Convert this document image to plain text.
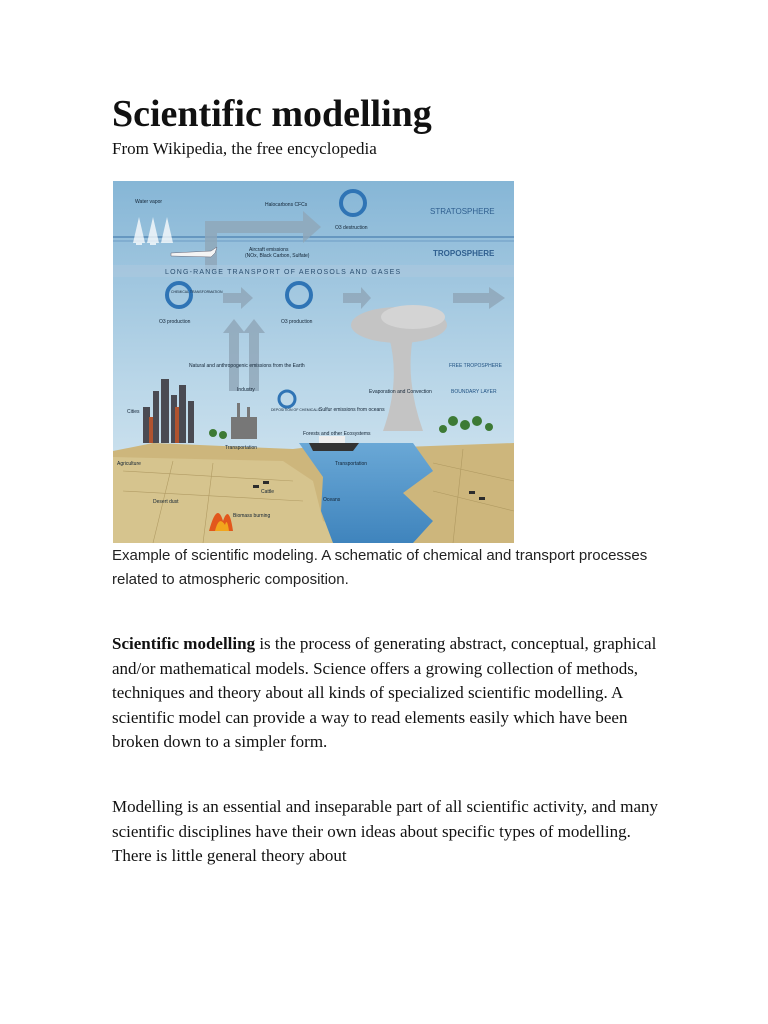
Scientific modelling
From Wikipedia, the free encyclopedia
STRATOSPHERE
TROPOSPHERE
Water vapor	Halocarbons CFCs
O3 destruction
Aircraft emissions
(NOx, Black Carbon, Sulfate)
LONG-RANGE TRANSPORT OF AEROSOLS AND GASES
O3 production	O3 production
CHEMICAL TRANSFORMATION
FREE TROPOSPHERE
BOUNDARY LAYER
Natural and anthropogenic emissions from the Earth
Evaporation and Convection
Sulfur emissions from oceans
DEPOSITION OF CHEMICALS
Cities
Industry
Transportation
Transportation
Agriculture
Forests and other Ecosystems
Cattle
Desert dust
Biomass burning
Oceans
Example of scientific modeling. A schematic of chemical and transport processes related to atmospheric composition.

Scientific modelling is the process of generating abstract, conceptual, graphical and/or mathematical models. Science offers a growing collection of methods, techniques and theory about all kinds of specialized scientific modelling. A scientific model can provide a way to read elements easily which have been broken down to a simpler form.

Modelling is an essential and inseparable part of all scientific activity, and many scientific disciplines have their own ideas about specific types of modelling. There is little general theory about
